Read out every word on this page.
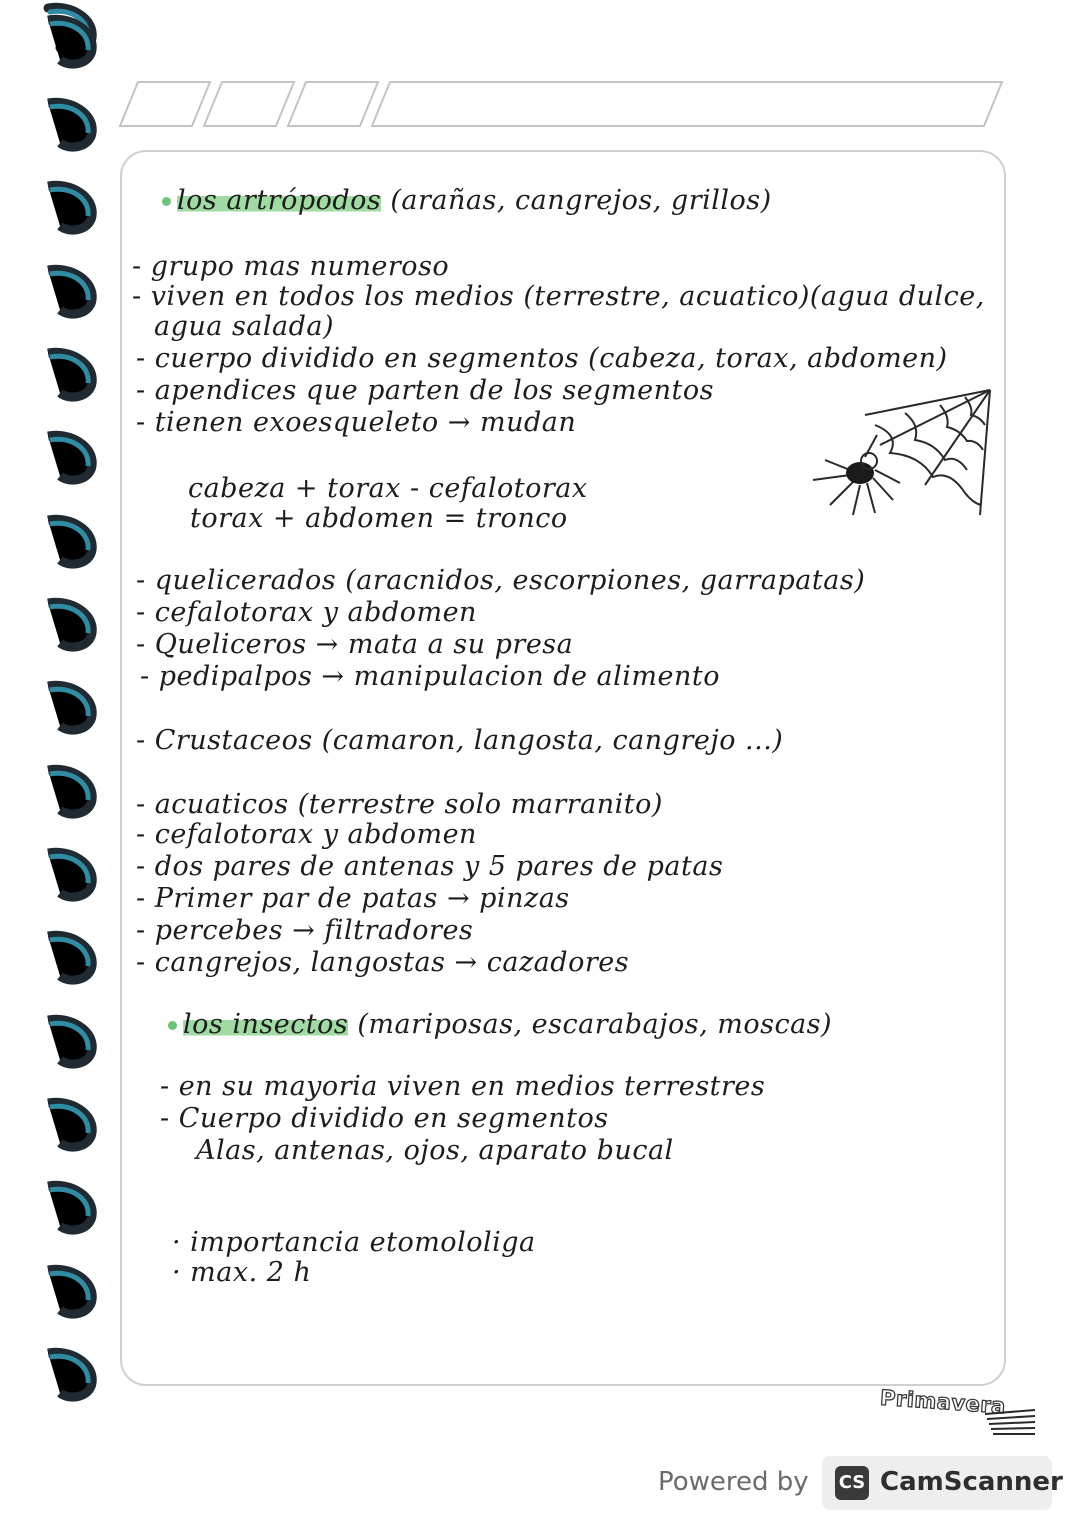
los artrópodos (arañas, cangrejos, grillos)
- grupo mas numeroso
- viven en todos los medios (terrestre, acuatico)(agua dulce,
agua salada)
- cuerpo dividido en segmentos (cabeza, torax, abdomen)
- apendices que parten de los segmentos
- tienen exoesqueleto → mudan
cabeza + torax - cefalotorax
torax + abdomen = tronco
- quelicerados (aracnidos, escorpiones, garrapatas)
- cefalotorax y abdomen
- Queliceros → mata a su presa
- pedipalpos → manipulacion de alimento
- Crustaceos (camaron, langosta, cangrejo ...)
- acuaticos (terrestre solo marranito)
- cefalotorax y abdomen
- dos pares de antenas y 5 pares de patas
- Primer par de patas → pinzas
- percebes → filtradores
- cangrejos, langostas → cazadores
los insectos (mariposas, escarabajos, moscas)
- en su mayoria viven en medios terrestres
- Cuerpo dividido en segmentos
Alas, antenas, ojos, aparato bucal
· importancia etomololiga
· max. 2 h
Primavera
Powered by CS CamScanner
